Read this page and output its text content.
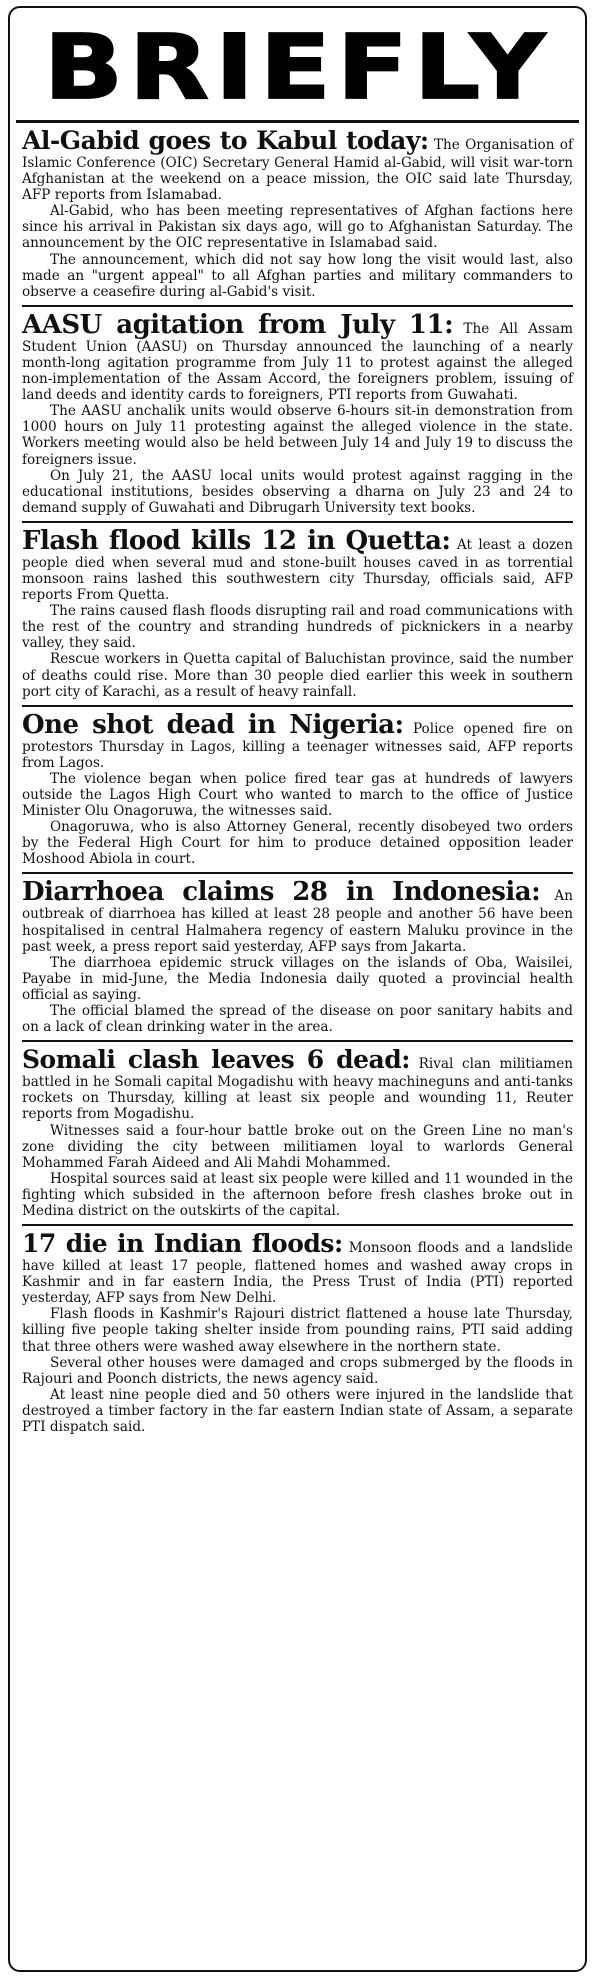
BRIEFLY

Al-Gabid goes to Kabul today: The Organisation of Islamic Conference (OIC) Secretary General Hamid al-Gabid, will visit war-torn Afghanistan at the weekend on a peace mission, the OIC said late Thursday, AFP reports from Islamabad.

Al-Gabid, who has been meeting representatives of Afghan factions here since his arrival in Pakistan six days ago, will go to Afghanistan Saturday. The announcement by the OIC representative in Islamabad said.

The announcement, which did not say how long the visit would last, also made an "urgent appeal" to all Afghan parties and military commanders to observe a ceasefire during al-Gabid's visit.

AASU agitation from July 11: The All Assam Student Union (AASU) on Thursday announced the launching of a nearly month-long agitation programme from July 11 to protest against the alleged non-implementation of the Assam Accord, the foreigners problem, issuing of land deeds and identity cards to foreigners, PTI reports from Guwahati.

The AASU anchalik units would observe 6-hours sit-in demonstration from 1000 hours on July 11 protesting against the alleged violence in the state. Workers meeting would also be held between July 14 and July 19 to discuss the foreigners issue.

On July 21, the AASU local units would protest against ragging in the educational institutions, besides observing a dharna on July 23 and 24 to demand supply of Guwahati and Dibrugarh University text books.

Flash flood kills 12 in Quetta: At least a dozen people died when several mud and stone-built houses caved in as torrential monsoon rains lashed this southwestern city Thursday, officials said, AFP reports From Quetta.

The rains caused flash floods disrupting rail and road communications with the rest of the country and stranding hundreds of picknickers in a nearby valley, they said.

Rescue workers in Quetta capital of Baluchistan province, said the number of deaths could rise. More than 30 people died earlier this week in southern port city of Karachi, as a result of heavy rainfall.

One shot dead in Nigeria: Police opened fire on protestors Thursday in Lagos, killing a teenager witnesses said, AFP reports from Lagos.

The violence began when police fired tear gas at hundreds of lawyers outside the Lagos High Court who wanted to march to the office of Justice Minister Olu Onagoruwa, the witnesses said.

Onagoruwa, who is also Attorney General, recently disobeyed two orders by the Federal High Court for him to produce detained opposition leader Moshood Abiola in court.

Diarrhoea claims 28 in Indonesia: An outbreak of diarrhoea has killed at least 28 people and another 56 have been hospitalised in central Halmahera regency of eastern Maluku province in the past week, a press report said yesterday, AFP says from Jakarta.

The diarrhoea epidemic struck villages on the islands of Oba, Waisilei, Payabe in mid-June, the Media Indonesia daily quoted a provincial health official as saying.

The official blamed the spread of the disease on poor sanitary habits and on a lack of clean drinking water in the area.

Somali clash leaves 6 dead: Rival clan militiamen battled in he Somali capital Mogadishu with heavy machineguns and anti-tanks rockets on Thursday, killing at least six people and wounding 11, Reuter reports from Mogadishu.

Witnesses said a four-hour battle broke out on the Green Line no man's zone dividing the city between militiamen loyal to warlords General Mohammed Farah Aideed and Ali Mahdi Mohammed.

Hospital sources said at least six people were killed and 11 wounded in the fighting which subsided in the afternoon before fresh clashes broke out in Medina district on the outskirts of the capital.

17 die in Indian floods: Monsoon floods and a landslide have killed at least 17 people, flattened homes and washed away crops in Kashmir and in far eastern India, the Press Trust of India (PTI) reported yesterday, AFP says from New Delhi.

Flash floods in Kashmir's Rajouri district flattened a house late Thursday, killing five people taking shelter inside from pounding rains, PTI said adding that three others were washed away elsewhere in the northern state.

Several other houses were damaged and crops submerged by the floods in Rajouri and Poonch districts, the news agency said.

At least nine people died and 50 others were injured in the landslide that destroyed a timber factory in the far eastern Indian state of Assam, a separate PTI dispatch said.
